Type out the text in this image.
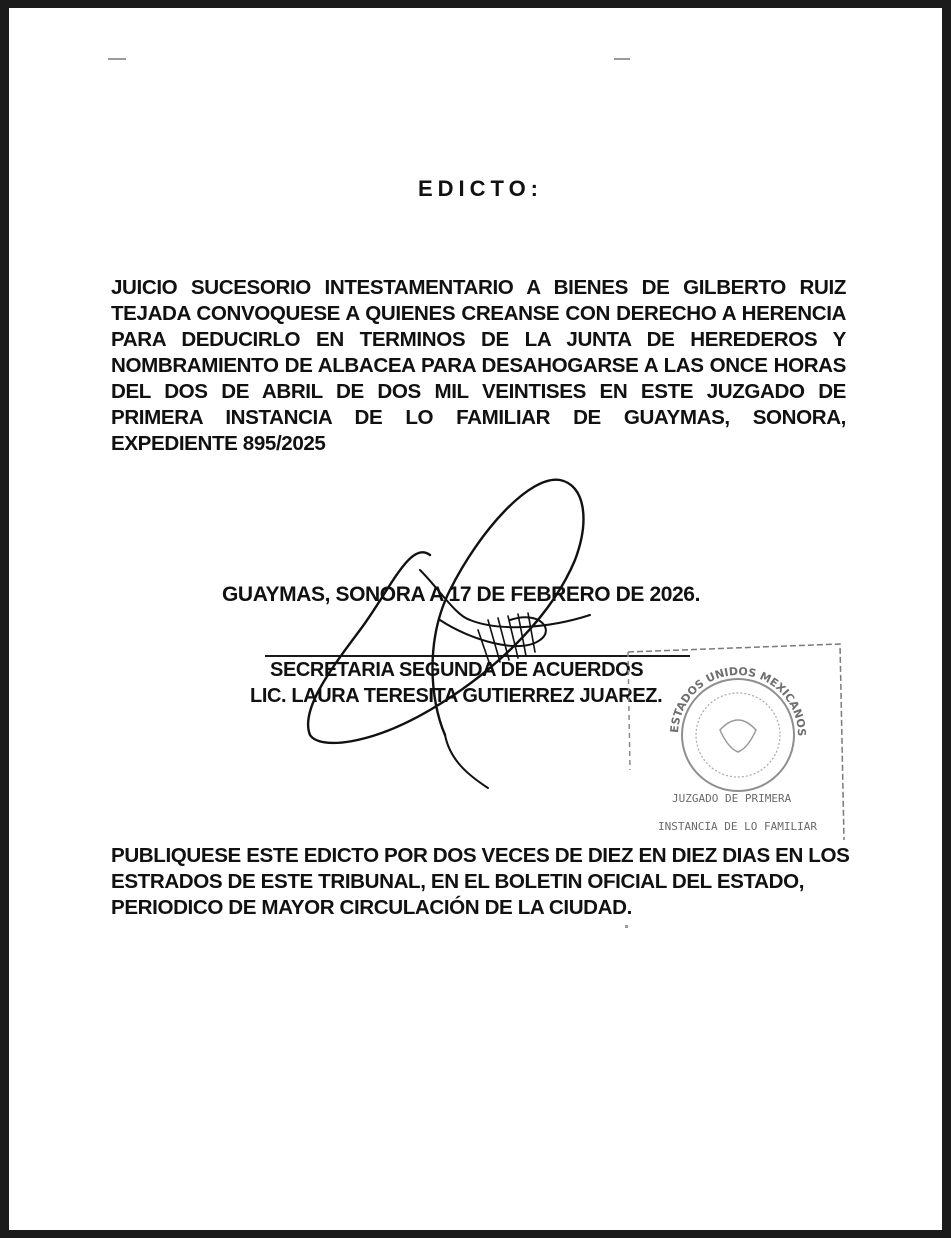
EDICTO:
JUICIO SUCESORIO INTESTAMENTARIO A BIENES DE GILBERTO RUIZ TEJADA CONVOQUESE A QUIENES CREANSE CON DERECHO A HERENCIA PARA DEDUCIRLO EN TERMINOS DE LA JUNTA DE HEREDEROS Y NOMBRAMIENTO DE ALBACEA PARA DESAHOGARSE A LAS ONCE HORAS DEL DOS DE ABRIL DE DOS MIL VEINTISES EN ESTE JUZGADO DE PRIMERA INSTANCIA DE LO FAMILIAR DE GUAYMAS, SONORA, EXPEDIENTE 895/2025
GUAYMAS, SONORA A 17 DE FEBRERO DE 2026.
SECRETARIA SEGUNDA DE ACUERDOS
LIC. LAURA TERESITA GUTIERREZ JUAREZ.
ESTADOS UNIDOS MEXICANOS
JUZGADO DE PRIMERA
INSTANCIA DE LO FAMILIAR
PUBLIQUESE ESTE EDICTO POR DOS VECES DE DIEZ EN DIEZ DIAS EN LOS ESTRADOS DE ESTE TRIBUNAL, EN EL BOLETIN OFICIAL DEL ESTADO, PERIODICO DE MAYOR CIRCULACIÓN DE LA CIUDAD.
